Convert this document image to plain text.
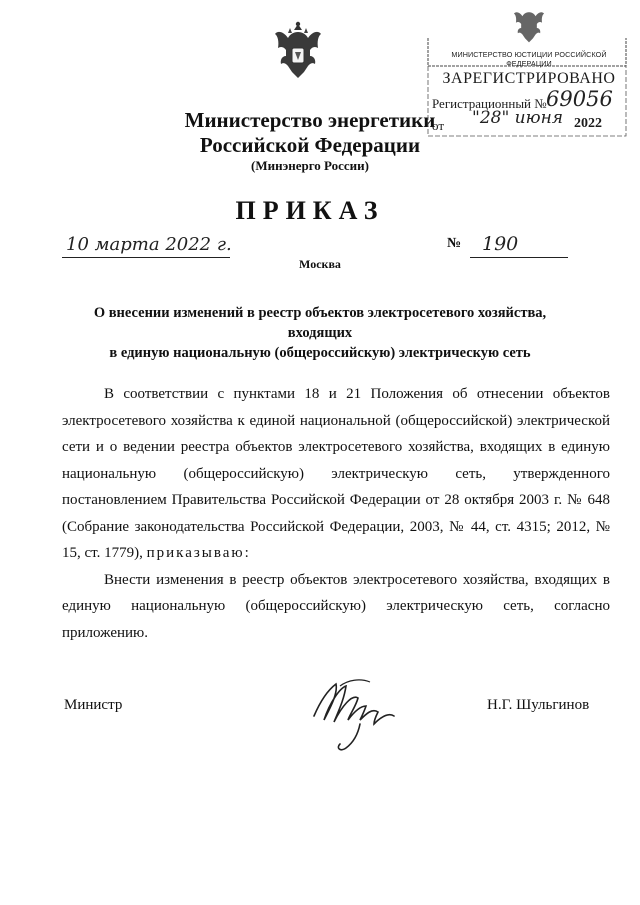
Министерство энергетики
Российской Федерации
(Минэнерго России)
ПРИКАЗ
10 марта 2022 г.	№ 190
Москва
МИНИСТЕРСТВО ЮСТИЦИИ РОССИЙСКОЙ ФЕДЕРАЦИИ
ЗАРЕГИСТРИРОВАНО
Регистрационный № 69056
от "28" июня 2022
О внесении изменений в реестр объектов электросетевого хозяйства, входящих
в единую национальную (общероссийскую) электрическую сеть

В соответствии с пунктами 18 и 21 Положения об отнесении объектов электросетевого хозяйства к единой национальной (общероссийской) электрической сети и о ведении реестра объектов электросетевого хозяйства, входящих в единую национальную (общероссийскую) электрическую сеть, утвержденного постановлением Правительства Российской Федерации от 28 октября 2003 г. № 648 (Собрание законодательства Российской Федерации, 2003, № 44, ст. 4315; 2012, № 15, ст. 1779), приказываю:

Внести изменения в реестр объектов электросетевого хозяйства, входящих в единую национальную (общероссийскую) электрическую сеть, согласно приложению.

Министр	Н.Г. Шульгинов
